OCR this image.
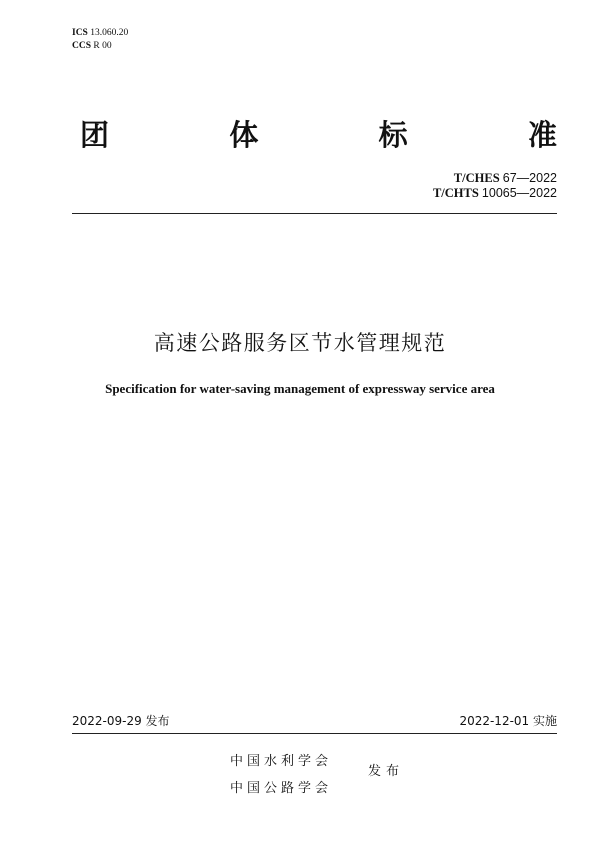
ICS 13.060.20
CCS R 00
团	体	标	准
T/CHES 67—2022
T/CHTS 10065—2022
高速公路服务区节水管理规范
Specification for water-saving management of expressway service area
2022-09-29 发布	2022-12-01 实施
中国水利学会
中国公路学会
发布
